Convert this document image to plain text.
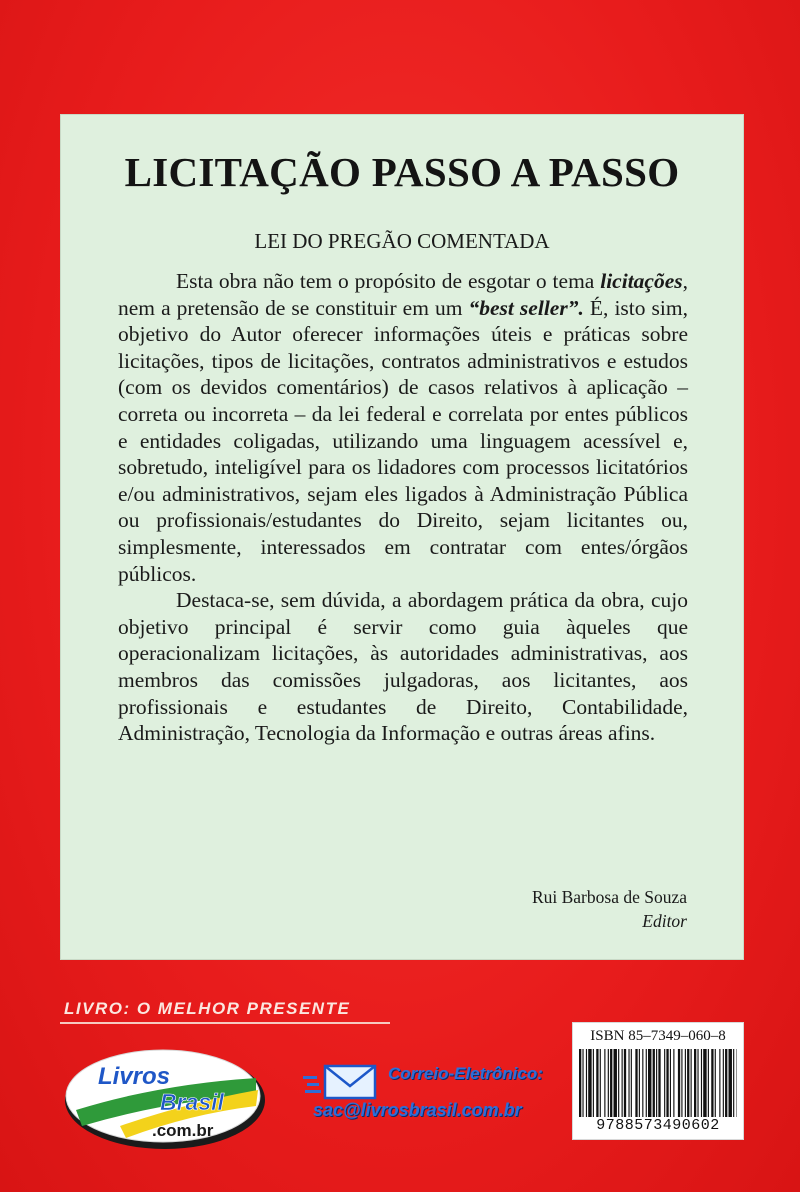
LICITAÇÃO PASSO A PASSO
LEI DO PREGÃO COMENTADA

Esta obra não tem o propósito de esgotar o tema licitações, nem a pretensão de se constituir em um “best seller”. É, isto sim, objetivo do Autor oferecer informações úteis e práticas sobre licitações, tipos de licitações, contratos administrativos e estudos (com os devidos comentários) de casos relativos à aplicação – correta ou incorreta – da lei federal e correlata por entes públicos e entidades coligadas, utilizando uma linguagem acessível e, sobretudo, inteligível para os lidadores com processos licitatórios e/ou administrativos, sejam eles ligados à Administração Pública ou profissionais/estudantes do Direito, sejam licitantes ou, simplesmente, interessados em contratar com entes/órgãos públicos.

Destaca-se, sem dúvida, a abordagem prática da obra, cujo objetivo principal é servir como guia àqueles que operacionalizam licitações, às autoridades administrativas, aos membros das comissões julgadoras, aos licitantes, aos profissionais e estudantes de Direito, Contabilidade, Administração, Tecnologia da Informação e outras áreas afins.

Rui Barbosa de Souza
Editor
LIVRO: O MELHOR PRESENTE
Livros
Brasil
.com.br
Correio-Eletrônico:
sac@livrosbrasil.com.br
ISBN 85–7349–060–8
9788573490602
